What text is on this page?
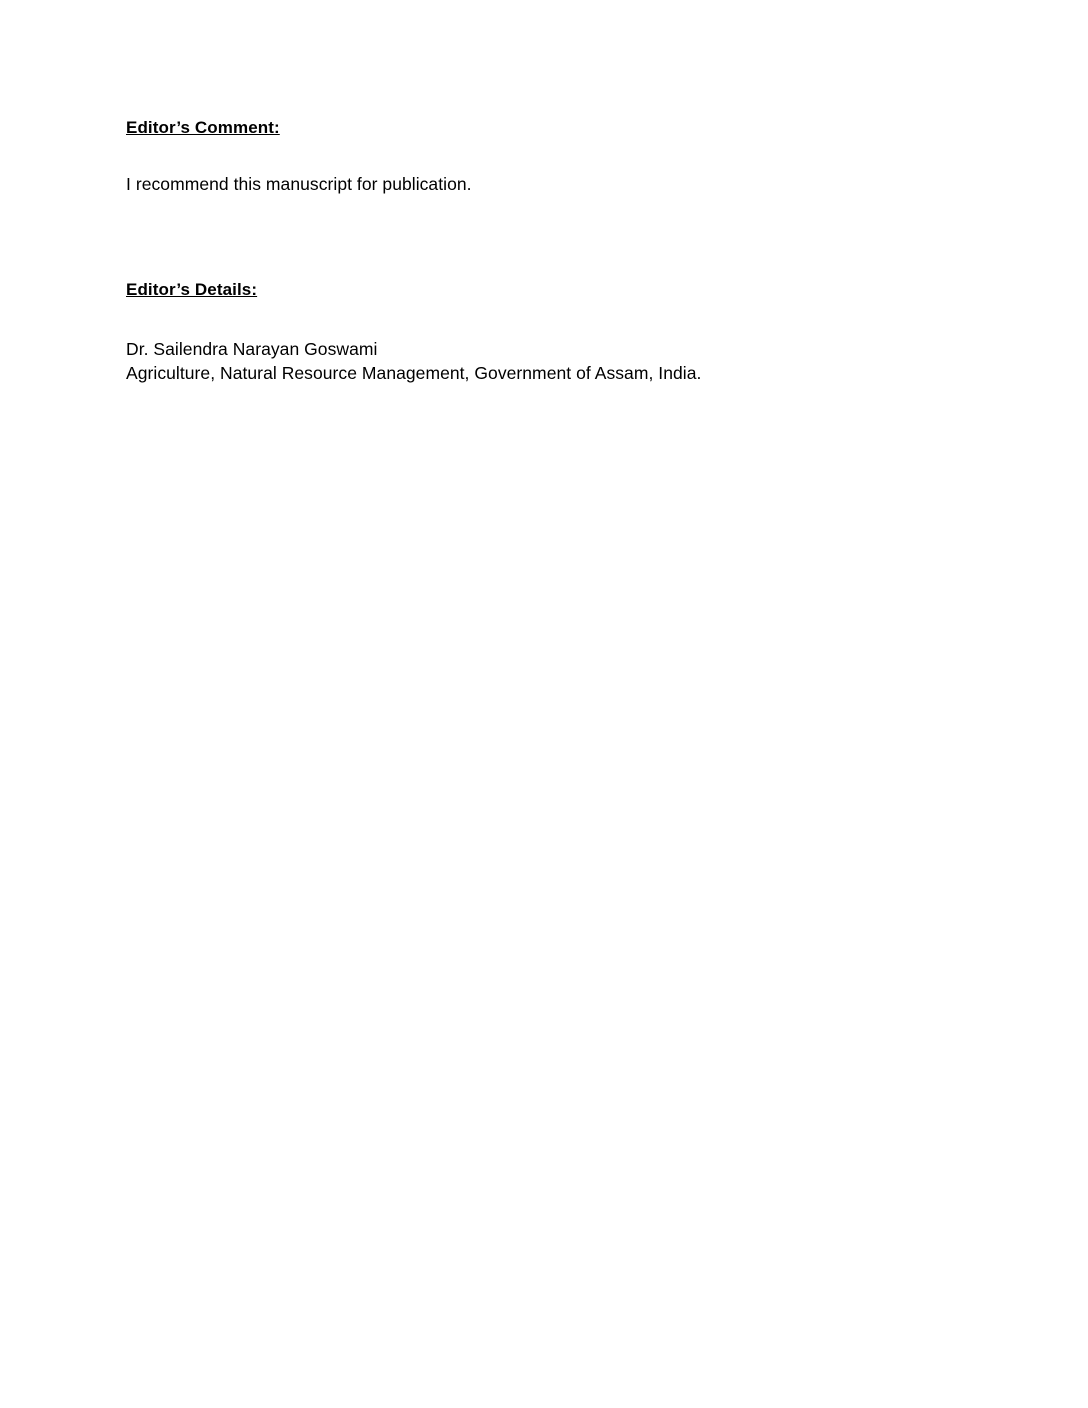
Editor’s Comment:

I recommend this manuscript for publication.

Editor’s Details:

Dr. Sailendra Narayan Goswami

Agriculture, Natural Resource Management, Government of Assam, India.
